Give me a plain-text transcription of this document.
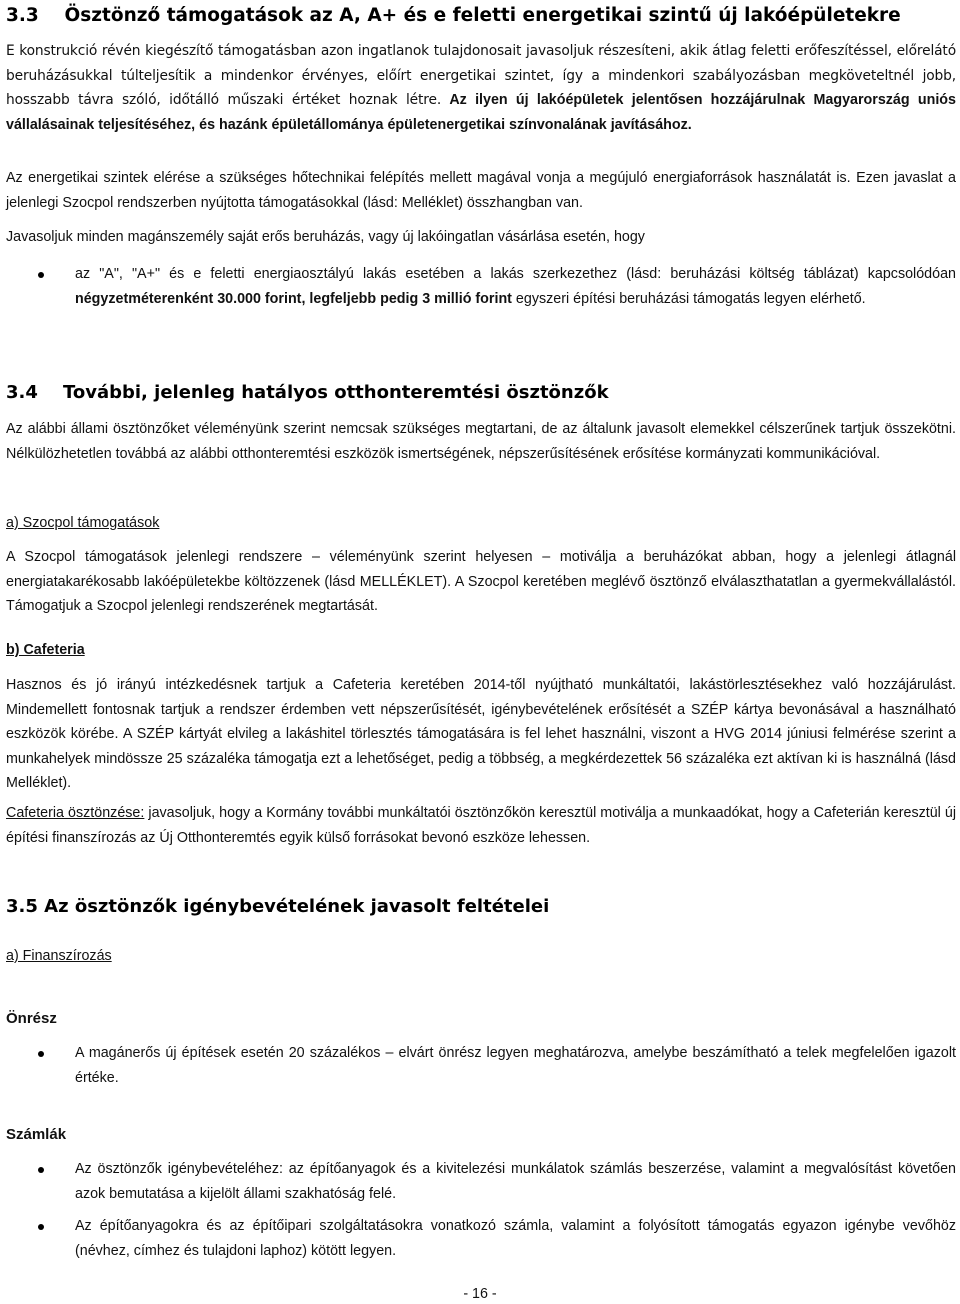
3.3 Ösztönző támogatások az A, A+ és e feletti energetikai szintű új lakóépületekre

E konstrukció révén kiegészítő támogatásban azon ingatlanok tulajdonosait javasoljuk részesíteni, akik átlag feletti erőfeszítéssel, előrelátó beruházásukkal túlteljesítik a mindenkor érvényes, előírt energetikai szintet, így a mindenkori szabályozásban megköveteltnél jobb, hosszabb távra szóló, időtálló műszaki értéket hoznak létre. Az ilyen új lakóépületek jelentősen hozzájárulnak Magyarország uniós vállalásainak teljesítéséhez, és hazánk épületállománya épületenergetikai színvonalának javításához.

Az energetikai szintek elérése a szükséges hőtechnikai felépítés mellett magával vonja a megújuló energiaforrások használatát is. Ezen javaslat a jelenlegi Szocpol rendszerben nyújtotta támogatásokkal (lásd: Melléklet) összhangban van.

Javasoljuk minden magánszemély saját erős beruházás, vagy új lakóingatlan vásárlása esetén, hogy

az "A", "A+" és e feletti energiaosztályú lakás esetében a lakás szerkezethez (lásd: beruházási költség táblázat) kapcsolódóan négyzetméterenként 30.000 forint, legfeljebb pedig 3 millió forint egyszeri építési beruházási támogatás legyen elérhető.

3.4 További, jelenleg hatályos otthonteremtési ösztönzők

Az alábbi állami ösztönzőket véleményünk szerint nemcsak szükséges megtartani, de az általunk javasolt elemekkel célszerűnek tartjuk összekötni. Nélkülözhetetlen továbbá az alábbi otthonteremtési eszközök ismertségének, népszerűsítésének erősítése kormányzati kommunikációval.

a) Szocpol támogatások

A Szocpol támogatások jelenlegi rendszere – véleményünk szerint helyesen – motiválja a beruházókat abban, hogy a jelenlegi átlagnál energiatakarékosabb lakóépületekbe költözzenek (lásd MELLÉKLET). A Szocpol keretében meglévő ösztönző elválaszthatatlan a gyermekvállalástól. Támogatjuk a Szocpol jelenlegi rendszerének megtartását.

b) Cafeteria

Hasznos és jó irányú intézkedésnek tartjuk a Cafeteria keretében 2014-től nyújtható munkáltatói, lakástörlesztésekhez való hozzájárulást. Mindemellett fontosnak tartjuk a rendszer érdemben vett népszerűsítését, igénybevételének erősítését a SZÉP kártya bevonásával a használható eszközök körébe. A SZÉP kártyát elvileg a lakáshitel törlesztés támogatására is fel lehet használni, viszont a HVG 2014 júniusi felmérése szerint a munkahelyek mindössze 25 százaléka támogatja ezt a lehetőséget, pedig a többség, a megkérdezettek 56 százaléka ezt aktívan ki is használná (lásd Melléklet).

Cafeteria ösztönzése: javasoljuk, hogy a Kormány további munkáltatói ösztönzőkön keresztül motiválja a munkaadókat, hogy a Cafeterián keresztül új építési finanszírozás az Új Otthonteremtés egyik külső forrásokat bevonó eszköze lehessen.

3.5 Az ösztönzők igénybevételének javasolt feltételei
a) Finanszírozás
Önrész

A magánerős új építések esetén 20 százalékos – elvárt önrész legyen meghatározva, amelybe beszámítható a telek megfelelően igazolt értéke.

Számlák

Az ösztönzők igénybevételéhez: az építőanyagok és a kivitelezési munkálatok számlás beszerzése, valamint a megvalósítást követően azok bemutatása a kijelölt állami szakhatóság felé.

Az építőanyagokra és az építőipari szolgáltatásokra vonatkozó számla, valamint a folyósított támogatás egyazon igénybe vevőhöz (névhez, címhez és tulajdoni laphoz) kötött legyen.

- 16 -
